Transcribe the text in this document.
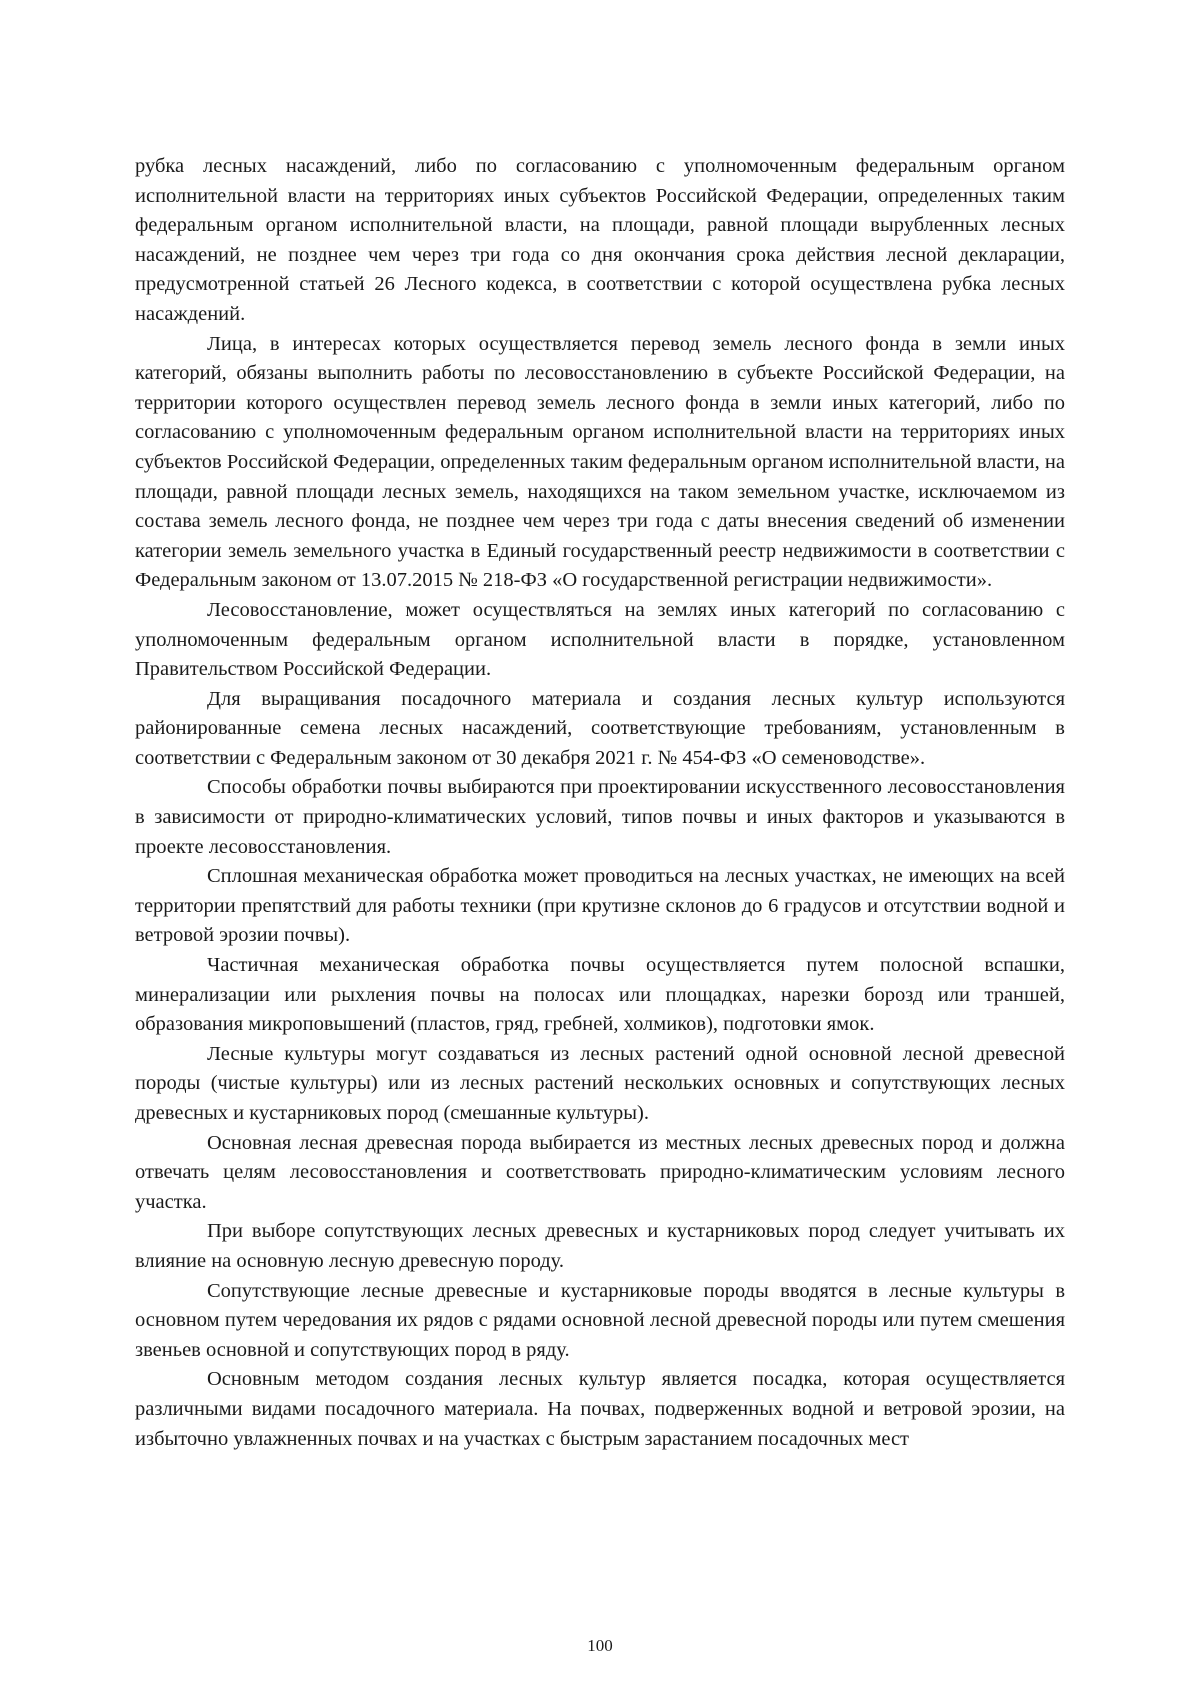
рубка лесных насаждений, либо по согласованию с уполномоченным федеральным органом исполнительной власти на территориях иных субъектов Российской Федерации, определенных таким федеральным органом исполнительной власти, на площади, равной площади вырубленных лесных насаждений, не позднее чем через три года со дня окончания срока действия лесной декларации, предусмотренной статьей 26 Лесного кодекса, в соответствии с которой осуществлена рубка лесных насаждений.

Лица, в интересах которых осуществляется перевод земель лесного фонда в земли иных категорий, обязаны выполнить работы по лесовосстановлению в субъекте Российской Федерации, на территории которого осуществлен перевод земель лесного фонда в земли иных категорий, либо по согласованию с уполномоченным федеральным органом исполнительной власти на территориях иных субъектов Российской Федерации, определенных таким федеральным органом исполнительной власти, на площади, равной площади лесных земель, находящихся на таком земельном участке, исключаемом из состава земель лесного фонда, не позднее чем через три года с даты внесения сведений об изменении категории земель земельного участка в Единый государственный реестр недвижимости в соответствии с Федеральным законом от 13.07.2015 № 218-ФЗ «О государственной регистрации недвижимости».

Лесовосстановление, может осуществляться на землях иных категорий по согласованию с уполномоченным федеральным органом исполнительной власти в порядке, установленном Правительством Российской Федерации.

Для выращивания посадочного материала и создания лесных культур используются районированные семена лесных насаждений, соответствующие требованиям, установленным в соответствии с Федеральным законом от 30 декабря 2021 г. № 454-ФЗ «О семеноводстве».

Способы обработки почвы выбираются при проектировании искусственного лесовосстановления в зависимости от природно-климатических условий, типов почвы и иных факторов и указываются в проекте лесовосстановления.

Сплошная механическая обработка может проводиться на лесных участках, не имеющих на всей территории препятствий для работы техники (при крутизне склонов до 6 градусов и отсутствии водной и ветровой эрозии почвы).

Частичная механическая обработка почвы осуществляется путем полосной вспашки, минерализации или рыхления почвы на полосах или площадках, нарезки борозд или траншей, образования микроповышений (пластов, гряд, гребней, холмиков), подготовки ямок.

Лесные культуры могут создаваться из лесных растений одной основной лесной древесной породы (чистые культуры) или из лесных растений нескольких основных и сопутствующих лесных древесных и кустарниковых пород (смешанные культуры).

Основная лесная древесная порода выбирается из местных лесных древесных пород и должна отвечать целям лесовосстановления и соответствовать природно-климатическим условиям лесного участка.

При выборе сопутствующих лесных древесных и кустарниковых пород следует учитывать их влияние на основную лесную древесную породу.

Сопутствующие лесные древесные и кустарниковые породы вводятся в лесные культуры в основном путем чередования их рядов с рядами основной лесной древесной породы или путем смешения звеньев основной и сопутствующих пород в ряду.

Основным методом создания лесных культур является посадка, которая осуществляется различными видами посадочного материала. На почвах, подверженных водной и ветровой эрозии, на избыточно увлажненных почвах и на участках с быстрым зарастанием посадочных мест

100
